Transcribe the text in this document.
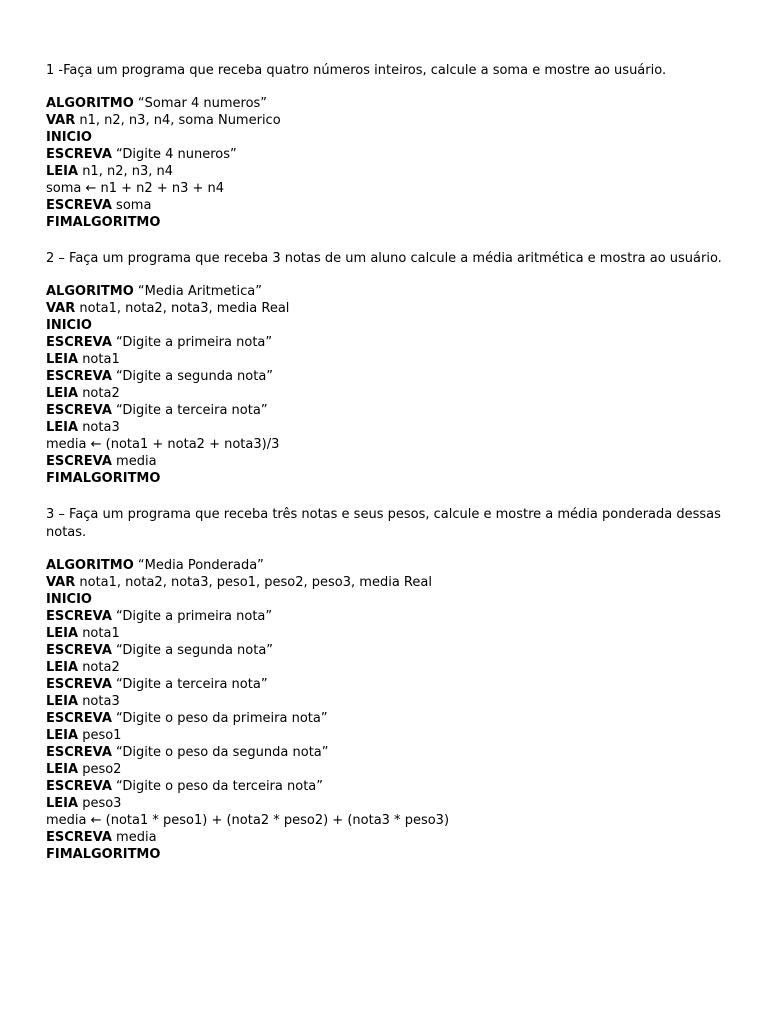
1 -Faça um programa que receba quatro números inteiros, calcule a soma e mostre ao usuário.
ALGORITMO “Somar 4 numeros”
VAR n1, n2, n3, n4, soma Numerico
INICIO
ESCREVA “Digite 4 nuneros”
LEIA n1, n2, n3, n4
soma ← n1 + n2 + n3 + n4
ESCREVA soma
FIMALGORITMO
2 – Faça um programa que receba 3 notas de um aluno calcule a média aritmética e mostra ao usuário.
ALGORITMO “Media Aritmetica”
VAR nota1, nota2, nota3, media Real
INICIO
ESCREVA “Digite a primeira nota”
LEIA nota1
ESCREVA “Digite a segunda nota”
LEIA nota2
ESCREVA “Digite a terceira nota”
LEIA nota3
media ← (nota1 + nota2 + nota3)/3
ESCREVA media
FIMALGORITMO
3 – Faça um programa que receba três notas e seus pesos, calcule e mostre a média ponderada dessas notas.
ALGORITMO “Media Ponderada”
VAR nota1, nota2, nota3, peso1, peso2, peso3, media Real
INICIO
ESCREVA “Digite a primeira nota”
LEIA nota1
ESCREVA “Digite a segunda nota”
LEIA nota2
ESCREVA “Digite a terceira nota”
LEIA nota3
ESCREVA “Digite o peso da primeira nota”
LEIA peso1
ESCREVA “Digite o peso da segunda nota”
LEIA peso2
ESCREVA “Digite o peso da terceira nota”
LEIA peso3
media ← (nota1 * peso1) + (nota2 * peso2) + (nota3 * peso3)
ESCREVA media
FIMALGORITMO
